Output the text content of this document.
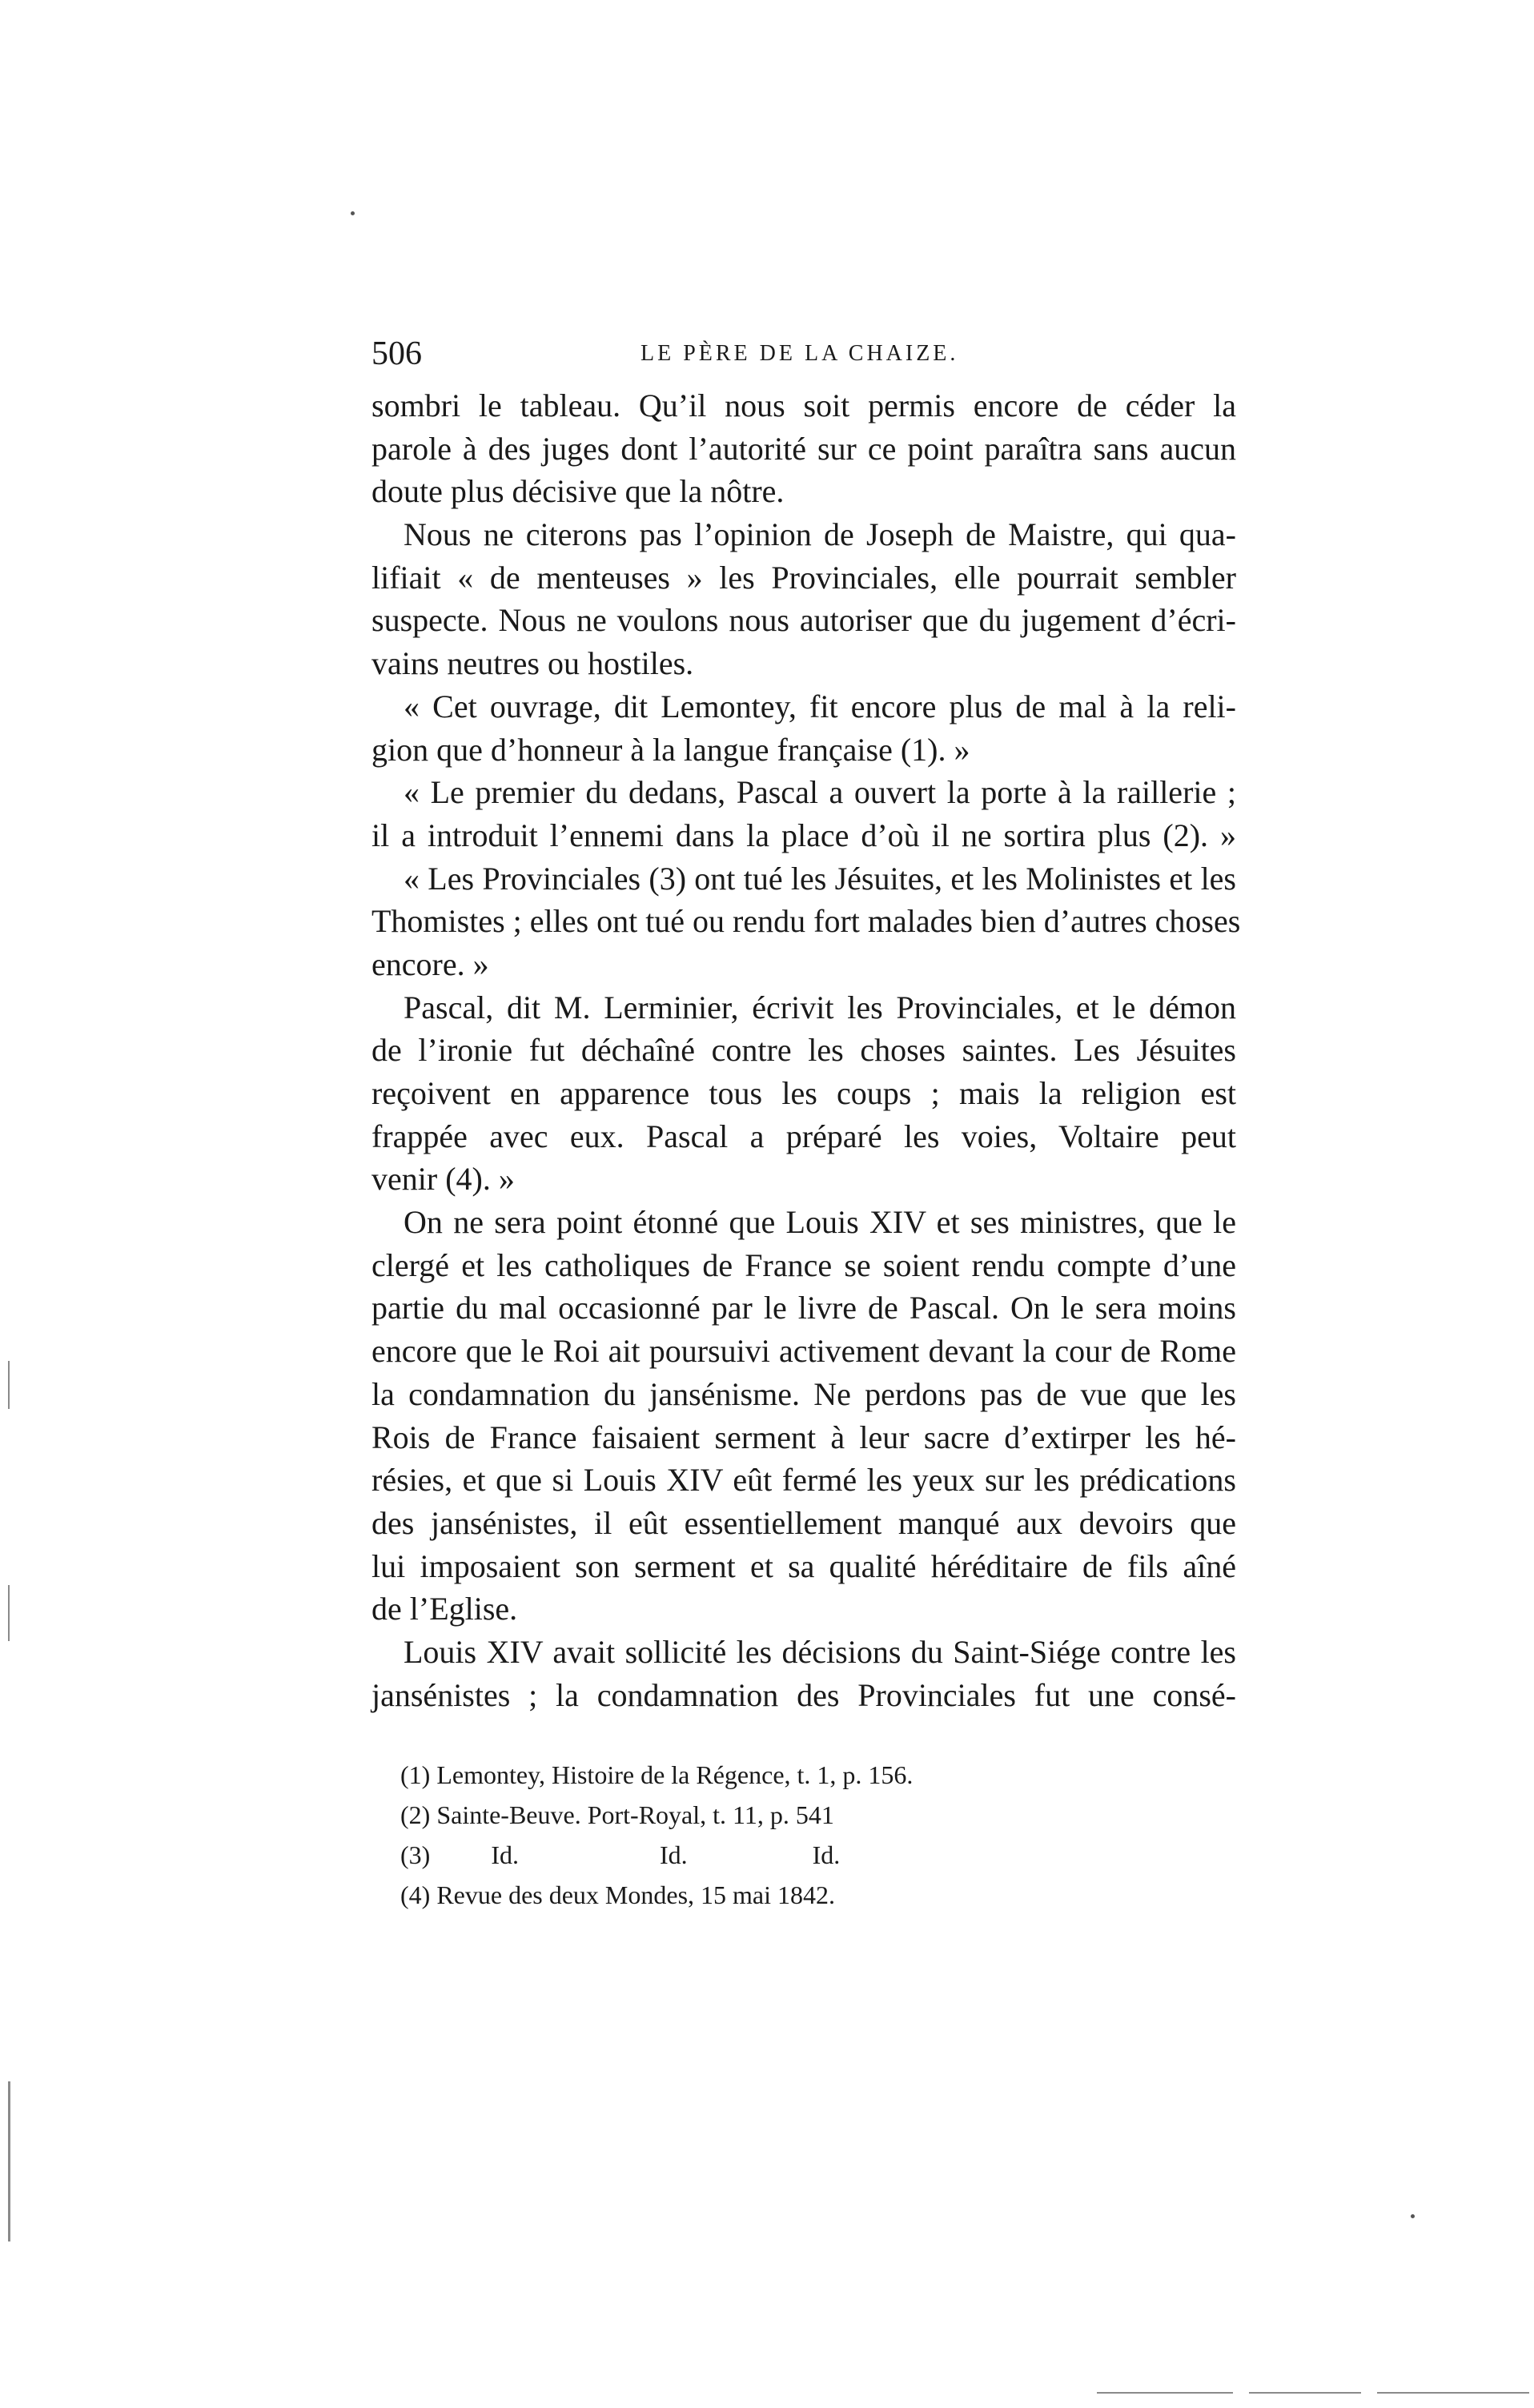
506	LE PÈRE DE LA CHAIZE.
sombri le tableau. Qu’il nous soit permis encore de céder la
parole à des juges dont l’autorité sur ce point paraîtra sans aucun
doute plus décisive que la nôtre.
Nous ne citerons pas l’opinion de Joseph de Maistre, qui qua-
lifiait « de menteuses » les Provinciales, elle pourrait sembler
suspecte. Nous ne voulons nous autoriser que du jugement d’écri-
vains neutres ou hostiles.
« Cet ouvrage, dit Lemontey, fit encore plus de mal à la reli-
gion que d’honneur à la langue française (1). »
« Le premier du dedans, Pascal a ouvert la porte à la raillerie ;
il a introduit l’ennemi dans la place d’où il ne sortira plus (2). »
« Les Provinciales (3) ont tué les Jésuites, et les Molinistes et les
Thomistes ; elles ont tué ou rendu fort malades bien d’autres choses
encore. »
Pascal, dit M. Lerminier, écrivit les Provinciales, et le démon
de l’ironie fut déchaîné contre les choses saintes. Les Jésuites
reçoivent en apparence tous les coups ; mais la religion est
frappée avec eux. Pascal a préparé les voies, Voltaire peut
venir (4). »
On ne sera point étonné que Louis XIV et ses ministres, que le
clergé et les catholiques de France se soient rendu compte d’une
partie du mal occasionné par le livre de Pascal. On le sera moins
encore que le Roi ait poursuivi activement devant la cour de Rome
la condamnation du jansénisme. Ne perdons pas de vue que les
Rois de France faisaient serment à leur sacre d’extirper les hé-
résies, et que si Louis XIV eût fermé les yeux sur les prédications
des jansénistes, il eût essentiellement manqué aux devoirs que
lui imposaient son serment et sa qualité héréditaire de fils aîné
de l’Eglise.
Louis XIV avait sollicité les décisions du Saint-Siége contre les
jansénistes ; la condamnation des Provinciales fut une consé-
(1) Lemontey, Histoire de la Régence, t. 1, p. 156.
(2) Sainte-Beuve. Port-Royal, t. 11, p. 541
(3) Id.	Id.	Id.
(4) Revue des deux Mondes, 15 mai 1842.
